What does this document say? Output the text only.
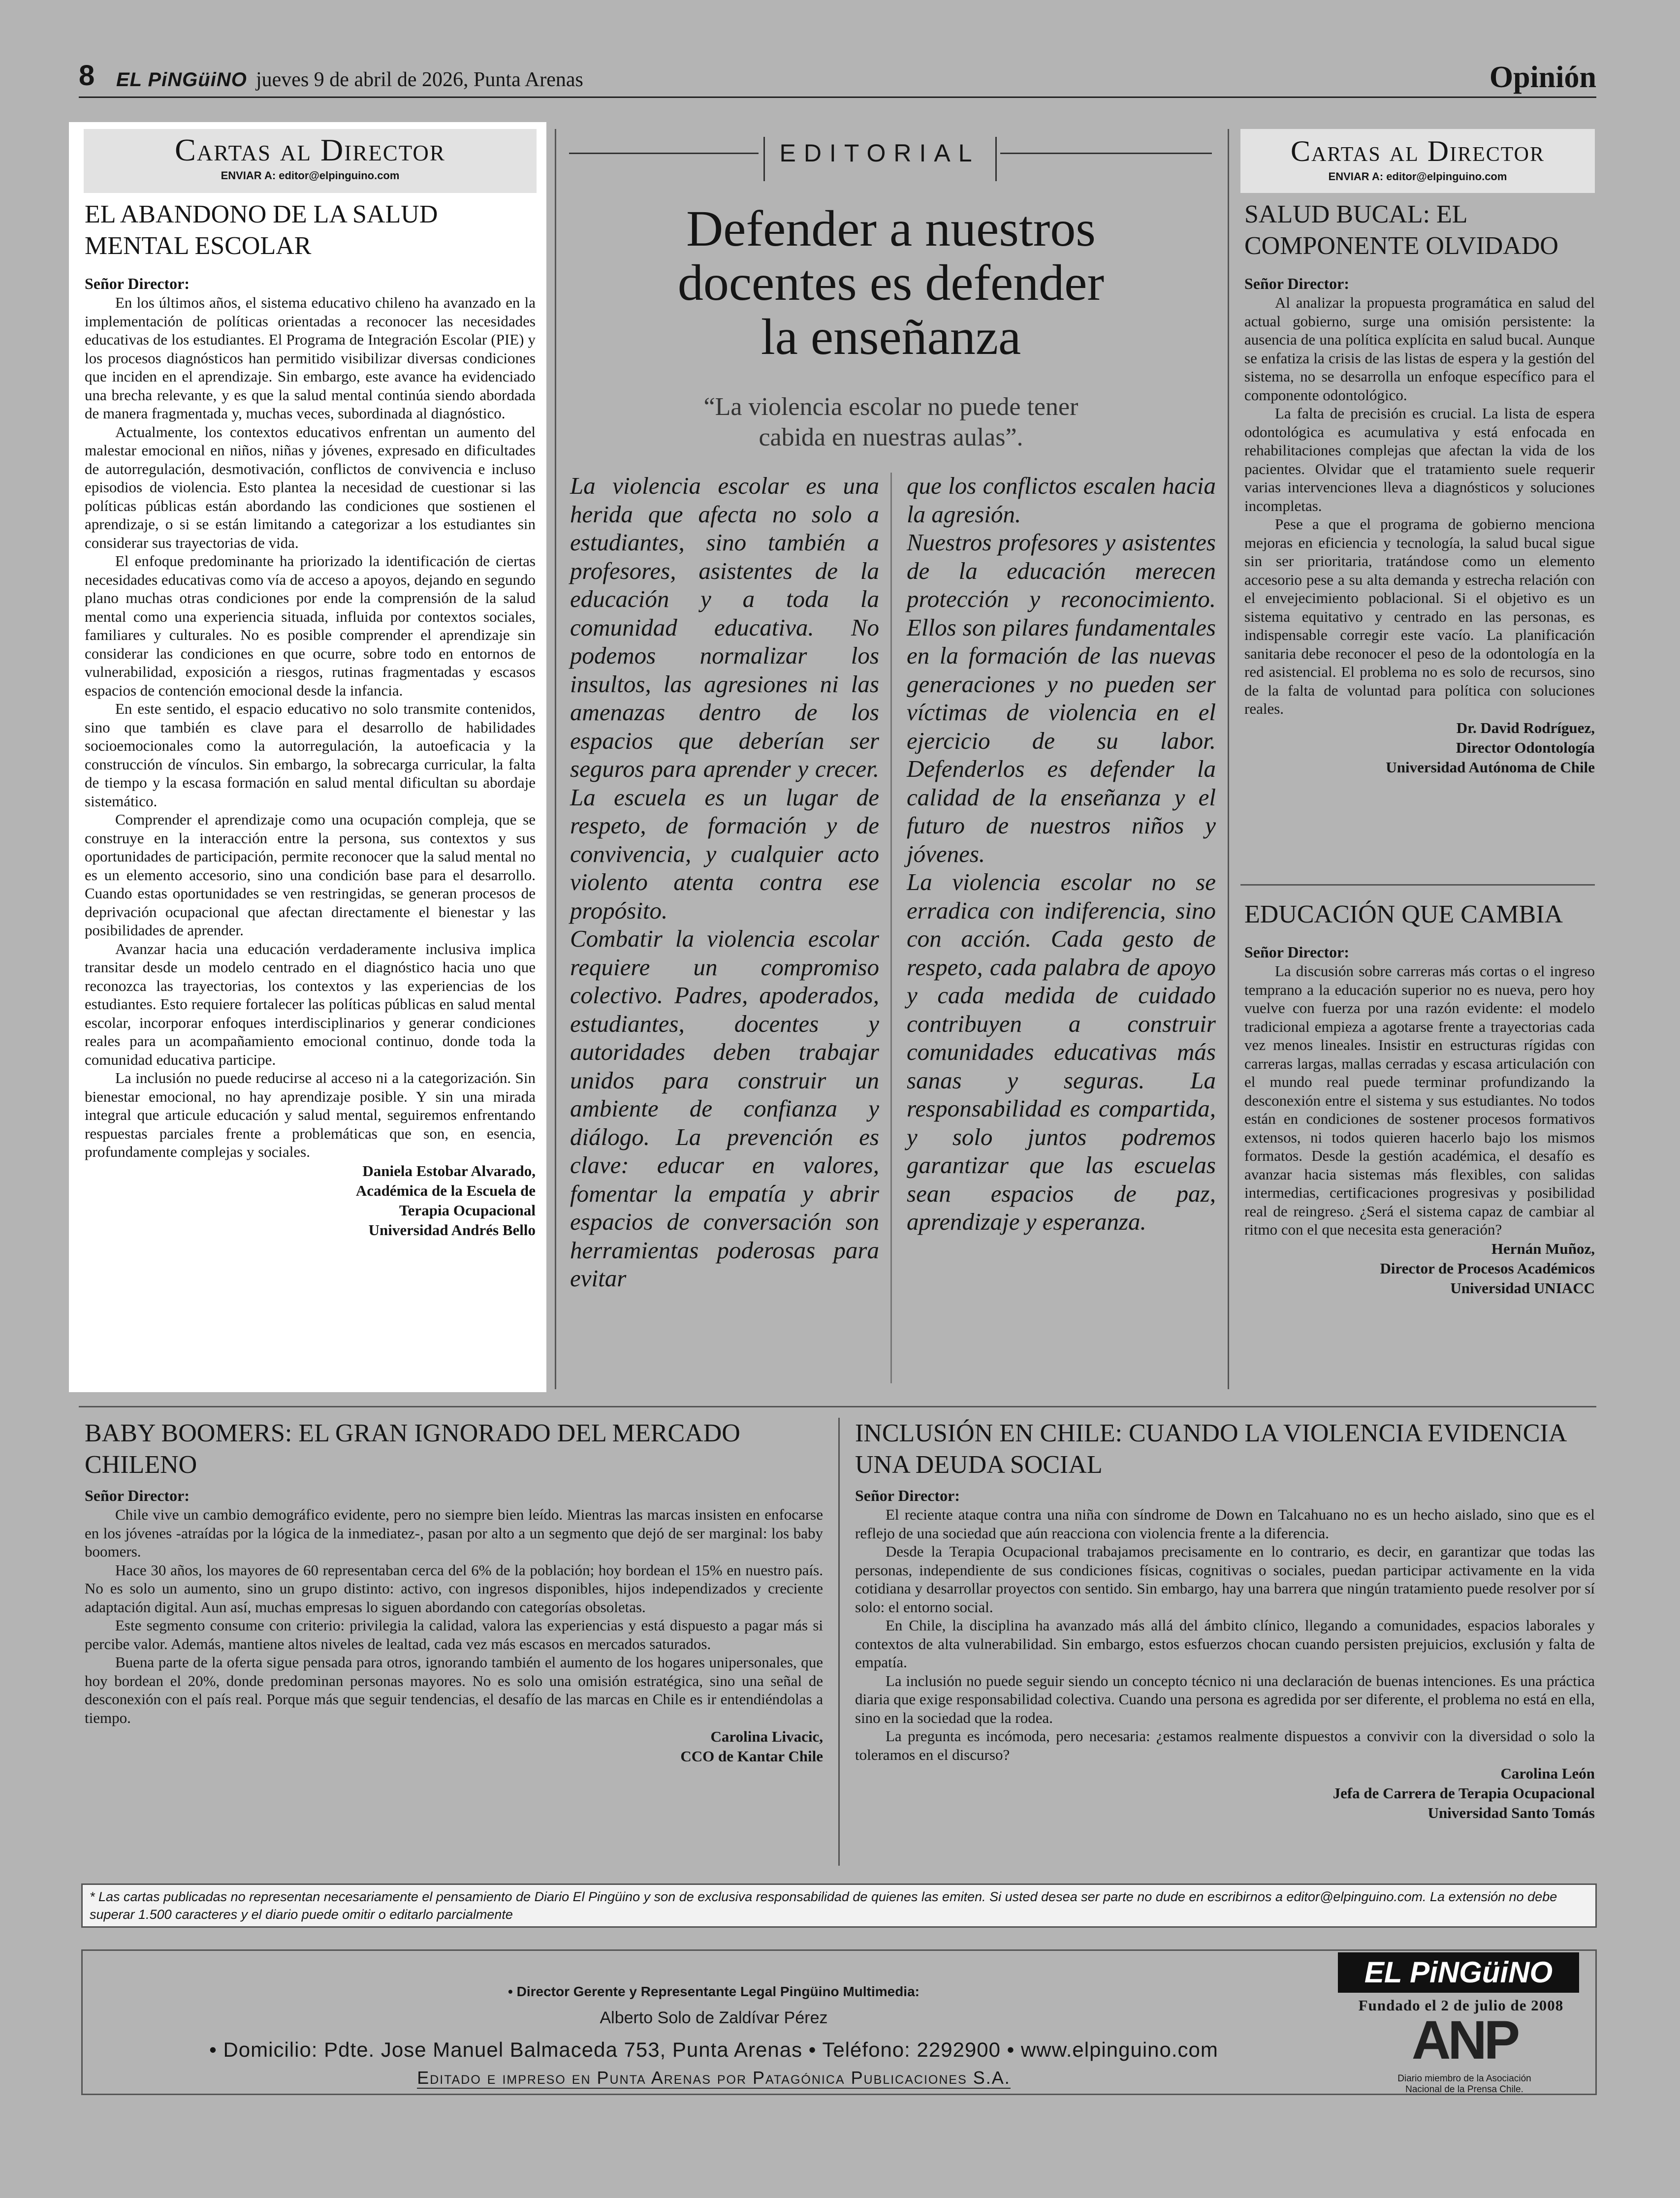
8 EL PiNGüiNO jueves 9 de abril de 2026, Punta Arenas	Opinión
Cartas al Director
ENVIAR A: editor@elpinguino.com
EL ABANDONO DE LA SALUD MENTAL ESCOLAR
Señor Director:

En los últimos años, el sistema educativo chileno ha avanzado en la implementación de políticas orientadas a reconocer las necesidades educativas de los estudiantes. El Programa de Integración Escolar (PIE) y los procesos diagnósticos han permitido visibilizar diversas condiciones que inciden en el aprendizaje. Sin embargo, este avance ha evidenciado una brecha relevante, y es que la salud mental continúa siendo abordada de manera fragmentada y, muchas veces, subordinada al diagnóstico.

Actualmente, los contextos educativos enfrentan un aumento del malestar emocional en niños, niñas y jóvenes, expresado en dificultades de autorregulación, desmotivación, conflictos de convivencia e incluso episodios de violencia. Esto plantea la necesidad de cuestionar si las políticas públicas están abordando las condiciones que sostienen el aprendizaje, o si se están limitando a categorizar a los estudiantes sin considerar sus trayectorias de vida.

El enfoque predominante ha priorizado la identificación de ciertas necesidades educativas como vía de acceso a apoyos, dejando en segundo plano muchas otras condiciones por ende la comprensión de la salud mental como una experiencia situada, influida por contextos sociales, familiares y culturales. No es posible comprender el aprendizaje sin considerar las condiciones en que ocurre, sobre todo en entornos de vulnerabilidad, exposición a riesgos, rutinas fragmentadas y escasos espacios de contención emocional desde la infancia.

En este sentido, el espacio educativo no solo transmite contenidos, sino que también es clave para el desarrollo de habilidades socioemocionales como la autorregulación, la autoeficacia y la construcción de vínculos. Sin embargo, la sobrecarga curricular, la falta de tiempo y la escasa formación en salud mental dificultan su abordaje sistemático.

Comprender el aprendizaje como una ocupación compleja, que se construye en la interacción entre la persona, sus contextos y sus oportunidades de participación, permite reconocer que la salud mental no es un elemento accesorio, sino una condición base para el desarrollo. Cuando estas oportunidades se ven restringidas, se generan procesos de deprivación ocupacional que afectan directamente el bienestar y las posibilidades de aprender.

Avanzar hacia una educación verdaderamente inclusiva implica transitar desde un modelo centrado en el diagnóstico hacia uno que reconozca las trayectorias, los contextos y las experiencias de los estudiantes. Esto requiere fortalecer las políticas públicas en salud mental escolar, incorporar enfoques interdisciplinarios y generar condiciones reales para un acompañamiento emocional continuo, donde toda la comunidad educativa participe.

La inclusión no puede reducirse al acceso ni a la categorización. Sin bienestar emocional, no hay aprendizaje posible. Y sin una mirada integral que articule educación y salud mental, seguiremos enfrentando respuestas parciales frente a problemáticas que son, en esencia, profundamente complejas y sociales.

Daniela Estobar Alvarado,
Académica de la Escuela de
Terapia Ocupacional
Universidad Andrés Bello
EDITORIAL
Defender a nuestros
docentes es defender
la enseñanza
“La violencia escolar no puede tener
cabida en nuestras aulas”.

La violencia escolar es una herida que afecta no solo a estudiantes, sino también a profesores, asistentes de la educación y a toda la comunidad educativa. No podemos normalizar los insultos, las agresiones ni las amenazas dentro de los espacios que deberían ser seguros para aprender y crecer. La escuela es un lugar de respeto, de formación y de convivencia, y cualquier acto violento atenta contra ese propósito.

Combatir la violencia escolar requiere un compromiso colectivo. Padres, apoderados, estudiantes, docentes y autoridades deben trabajar unidos para construir un ambiente de confianza y diálogo. La prevención es clave: educar en valores, fomentar la empatía y abrir espacios de conversación son herramientas poderosas para evitar

que los conflictos escalen hacia la agresión.

Nuestros profesores y asistentes de la educación merecen protección y reconocimiento. Ellos son pilares fundamentales en la formación de las nuevas generaciones y no pueden ser víctimas de violencia en el ejercicio de su labor. Defenderlos es defender la calidad de la enseñanza y el futuro de nuestros niños y jóvenes.

La violencia escolar no se erradica con indiferencia, sino con acción. Cada gesto de respeto, cada palabra de apoyo y cada medida de cuidado contribuyen a construir comunidades educativas más sanas y seguras. La responsabilidad es compartida, y solo juntos podremos garantizar que las escuelas sean espacios de paz, aprendizaje y esperanza.

Cartas al Director
ENVIAR A: editor@elpinguino.com
SALUD BUCAL: EL COMPONENTE OLVIDADO
Señor Director:

Al analizar la propuesta programática en salud del actual gobierno, surge una omisión persistente: la ausencia de una política explícita en salud bucal. Aunque se enfatiza la crisis de las listas de espera y la gestión del sistema, no se desarrolla un enfoque específico para el componente odontológico.

La falta de precisión es crucial. La lista de espera odontológica es acumulativa y está enfocada en rehabilitaciones complejas que afectan la vida de los pacientes. Olvidar que el tratamiento suele requerir varias intervenciones lleva a diagnósticos y soluciones incompletas.

Pese a que el programa de gobierno menciona mejoras en eficiencia y tecnología, la salud bucal sigue sin ser prioritaria, tratándose como un elemento accesorio pese a su alta demanda y estrecha relación con el envejecimiento poblacional. Si el objetivo es un sistema equitativo y centrado en las personas, es indispensable corregir este vacío. La planificación sanitaria debe reconocer el peso de la odontología en la red asistencial. El problema no es solo de recursos, sino de la falta de voluntad para política con soluciones reales.

Dr. David Rodríguez,
Director Odontología
Universidad Autónoma de Chile
EDUCACIÓN QUE CAMBIA
Señor Director:

La discusión sobre carreras más cortas o el ingreso temprano a la educación superior no es nueva, pero hoy vuelve con fuerza por una razón evidente: el modelo tradicional empieza a agotarse frente a trayectorias cada vez menos lineales. Insistir en estructuras rígidas con carreras largas, mallas cerradas y escasa articulación con el mundo real puede terminar profundizando la desconexión entre el sistema y sus estudiantes. No todos están en condiciones de sostener procesos formativos extensos, ni todos quieren hacerlo bajo los mismos formatos. Desde la gestión académica, el desafío es avanzar hacia sistemas más flexibles, con salidas intermedias, certificaciones progresivas y posibilidad real de reingreso. ¿Será el sistema capaz de cambiar al ritmo con el que necesita esta generación?

Hernán Muñoz,
Director de Procesos Académicos
Universidad UNIACC
BABY BOOMERS: EL GRAN IGNORADO DEL MERCADO CHILENO
Señor Director:

Chile vive un cambio demográfico evidente, pero no siempre bien leído. Mientras las marcas insisten en enfocarse en los jóvenes -atraídas por la lógica de la inmediatez-, pasan por alto a un segmento que dejó de ser marginal: los baby boomers.

Hace 30 años, los mayores de 60 representaban cerca del 6% de la población; hoy bordean el 15% en nuestro país. No es solo un aumento, sino un grupo distinto: activo, con ingresos disponibles, hijos independizados y creciente adaptación digital. Aun así, muchas empresas lo siguen abordando con categorías obsoletas.

Este segmento consume con criterio: privilegia la calidad, valora las experiencias y está dispuesto a pagar más si percibe valor. Además, mantiene altos niveles de lealtad, cada vez más escasos en mercados saturados.

Buena parte de la oferta sigue pensada para otros, ignorando también el aumento de los hogares unipersonales, que hoy bordean el 20%, donde predominan personas mayores. No es solo una omisión estratégica, sino una señal de desconexión con el país real. Porque más que seguir tendencias, el desafío de las marcas en Chile es ir entendiéndolas a tiempo.

Carolina Livacic,
CCO de Kantar Chile
INCLUSIÓN EN CHILE: CUANDO LA VIOLENCIA EVIDENCIA UNA DEUDA SOCIAL
Señor Director:

El reciente ataque contra una niña con síndrome de Down en Talcahuano no es un hecho aislado, sino que es el reflejo de una sociedad que aún reacciona con violencia frente a la diferencia.

Desde la Terapia Ocupacional trabajamos precisamente en lo contrario, es decir, en garantizar que todas las personas, independiente de sus condiciones físicas, cognitivas o sociales, puedan participar activamente en la vida cotidiana y desarrollar proyectos con sentido. Sin embargo, hay una barrera que ningún tratamiento puede resolver por sí solo: el entorno social.

En Chile, la disciplina ha avanzado más allá del ámbito clínico, llegando a comunidades, espacios laborales y contextos de alta vulnerabilidad. Sin embargo, estos esfuerzos chocan cuando persisten prejuicios, exclusión y falta de empatía.

La inclusión no puede seguir siendo un concepto técnico ni una declaración de buenas intenciones. Es una práctica diaria que exige responsabilidad colectiva. Cuando una persona es agredida por ser diferente, el problema no está en ella, sino en la sociedad que la rodea.

La pregunta es incómoda, pero necesaria: ¿estamos realmente dispuestos a convivir con la diversidad o solo la toleramos en el discurso?

Carolina León
Jefa de Carrera de Terapia Ocupacional
Universidad Santo Tomás
* Las cartas publicadas no representan necesariamente el pensamiento de Diario El Pingüino y son de exclusiva responsabilidad de quienes las emiten. Si usted desea ser parte no dude en escribirnos a editor@elpinguino.com. La extensión no debe superar 1.500 caracteres y el diario puede omitir o editarlo parcialmente
• Director Gerente y Representante Legal Pingüino Multimedia:
Alberto Solo de Zaldívar Pérez
• Domicilio: Pdte. Jose Manuel Balmaceda 753, Punta Arenas • Teléfono: 2292900 • www.elpinguino.com
Editado e impreso en Punta Arenas por Patagónica Publicaciones S.A.
EL PiNGüiNO
Fundado el 2 de julio de 2008
ANP
Diario miembro de la Asociación
Nacional de la Prensa Chile.
